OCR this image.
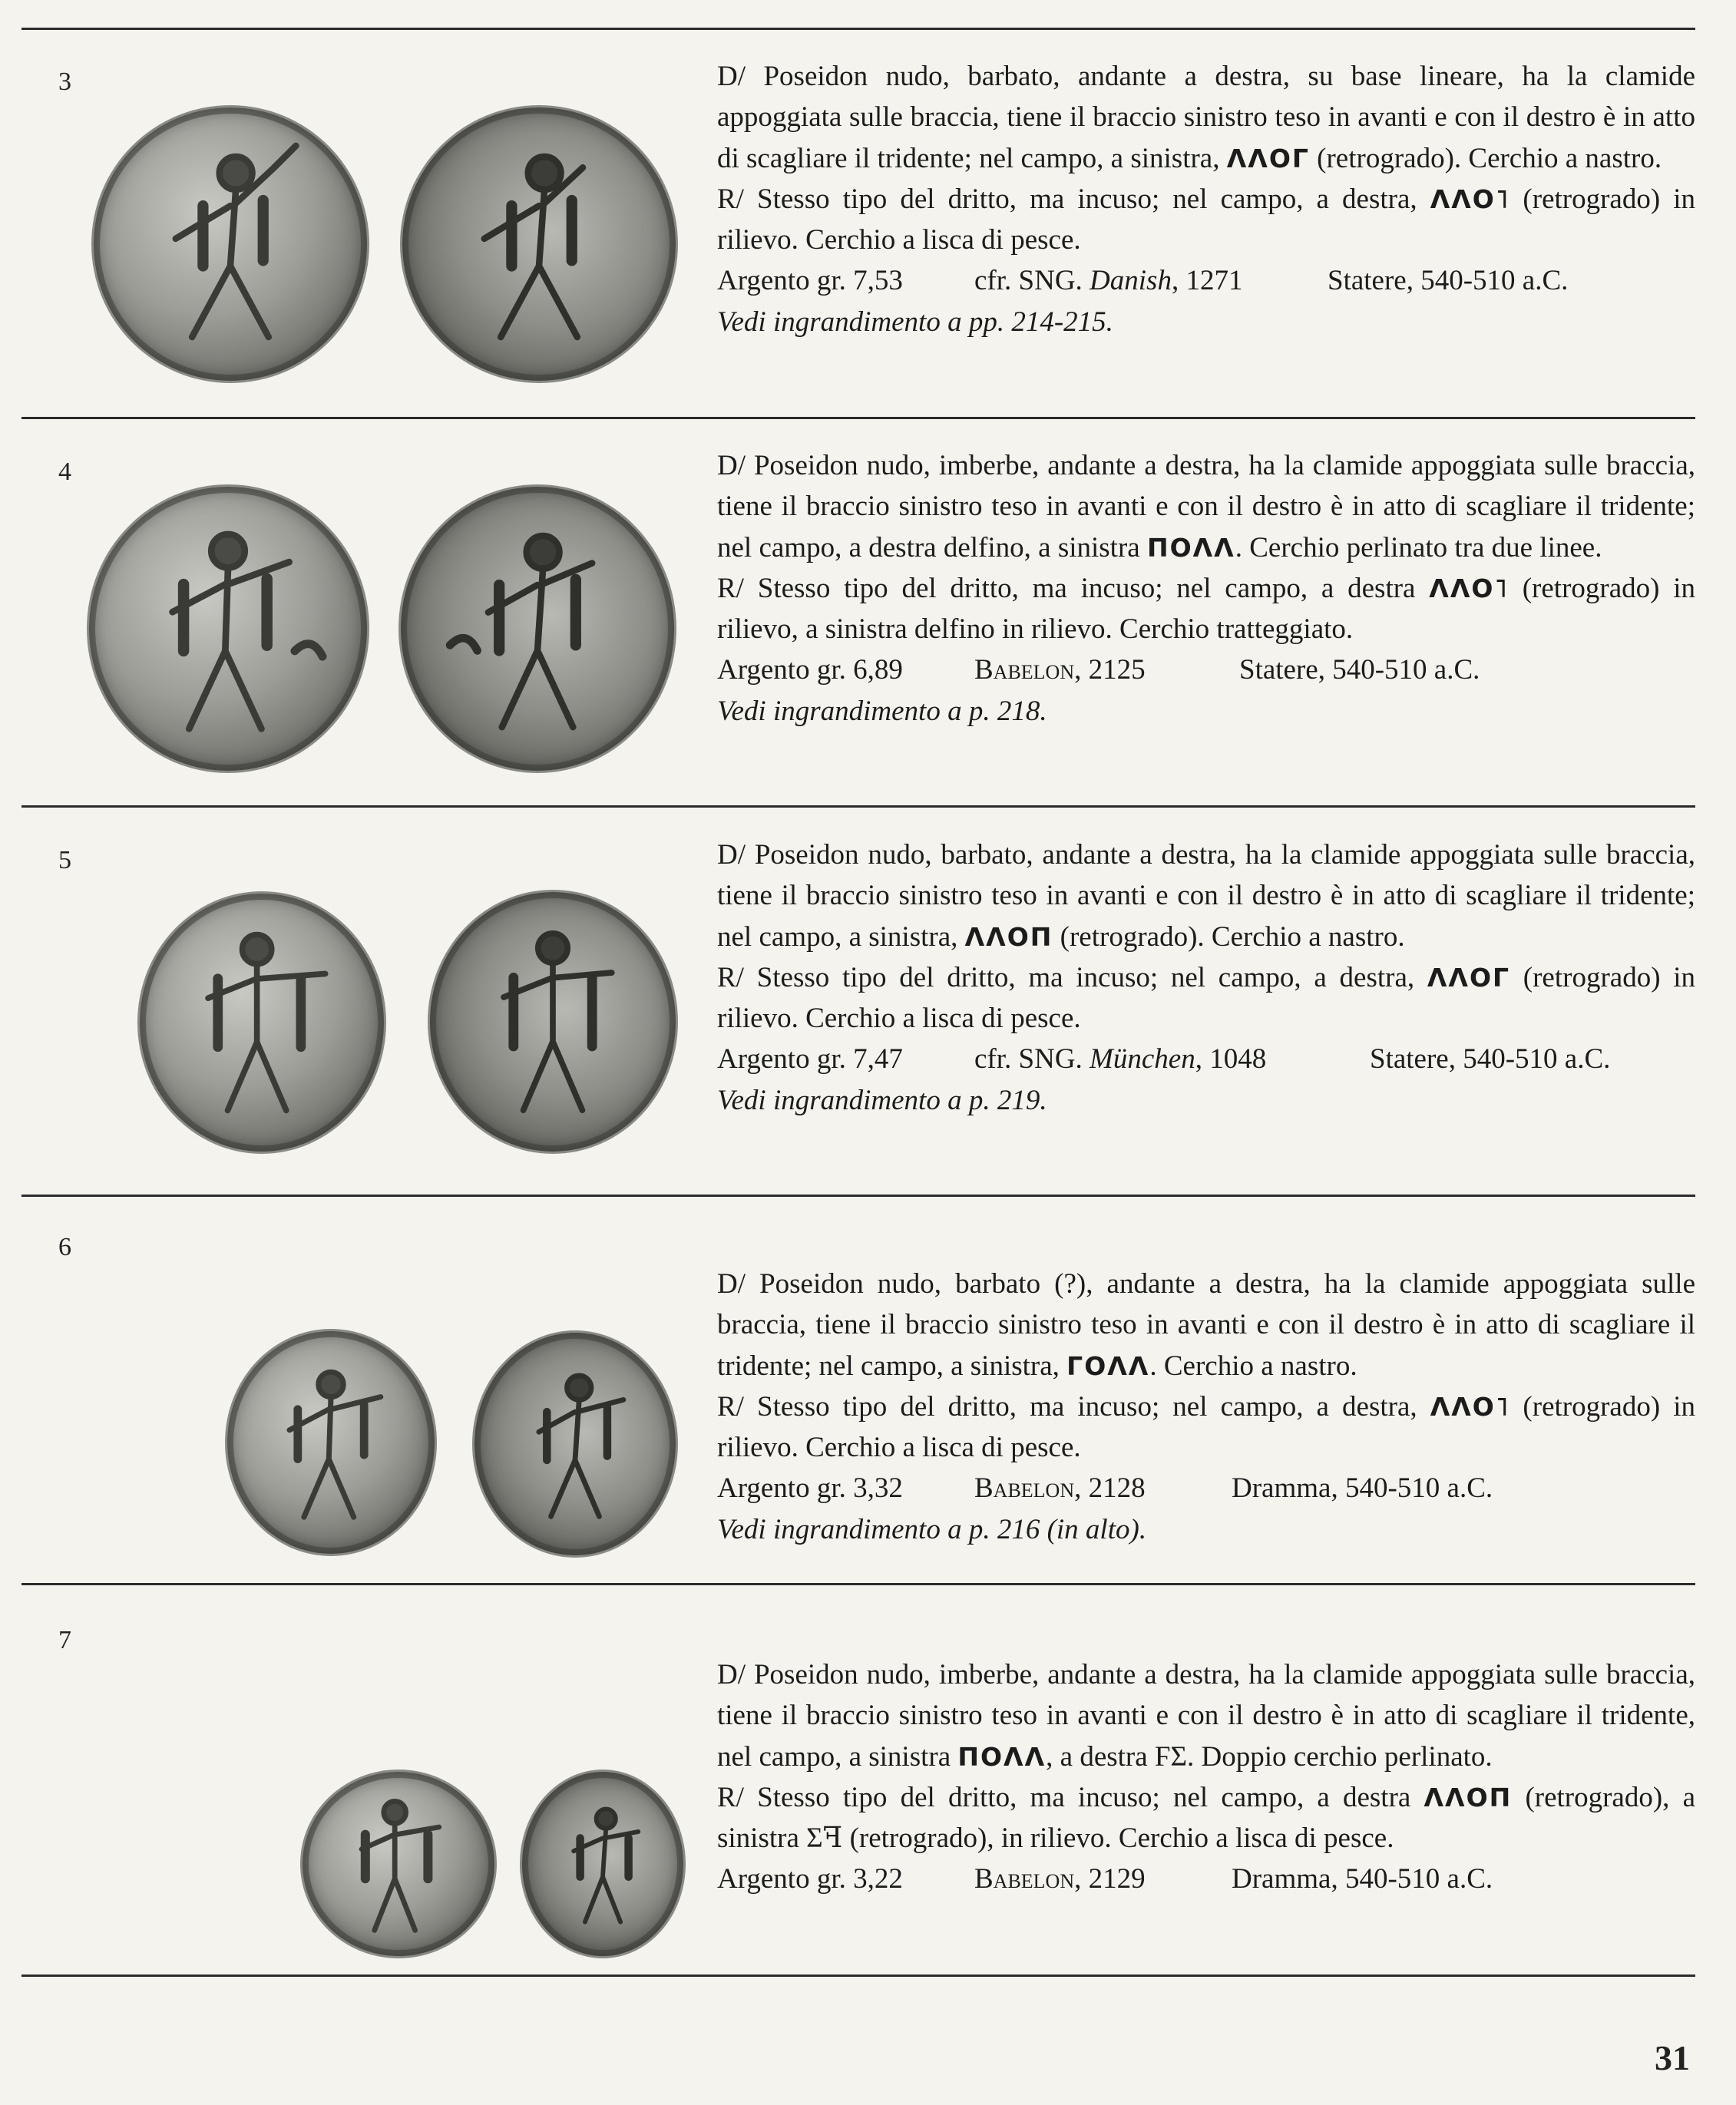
3	D/ Poseidon nudo, barbato, andante a destra, su base lineare, ha la clamide appoggiata sulle braccia, tiene il braccio sinistro teso in avanti e con il destro è in atto di scagliare il tridente; nel campo, a sinistra, ΛΛΟΓ (retrogrado). Cerchio a nastro.

R/ Stesso tipo del dritto, ma incuso; nel campo, a destra, ΛΛΟ˥ (retrogrado) in rilievo. Cerchio a lisca di pesce.

Argento gr. 7,53	cfr. SNG. Danish, 1271	Statere, 540-510 a.C.

Vedi ingrandimento a pp. 214-215.

4	D/ Poseidon nudo, imberbe, andante a destra, ha la clamide appoggiata sulle braccia, tiene il braccio sinistro teso in avanti e con il destro è in atto di scagliare il tridente; nel campo, a destra delfino, a sinistra ΠΟΛΛ. Cerchio perlinato tra due linee.

R/ Stesso tipo del dritto, ma incuso; nel campo, a destra ΛΛΟ˥ (retrogrado) in rilievo, a sinistra delfino in rilievo. Cerchio tratteggiato.

Argento gr. 6,89	Babelon, 2125	Statere, 540-510 a.C.

Vedi ingrandimento a p. 218.

5	D/ Poseidon nudo, barbato, andante a destra, ha la clamide appoggiata sulle braccia, tiene il braccio sinistro teso in avanti e con il destro è in atto di scagliare il tridente; nel campo, a sinistra, ΛΛΟΠ (retrogrado). Cerchio a nastro.

R/ Stesso tipo del dritto, ma incuso; nel campo, a destra, ΛΛΟΓ (retrogrado) in rilievo. Cerchio a lisca di pesce.

Argento gr. 7,47	cfr. SNG. München, 1048	Statere, 540-510 a.C.

Vedi ingrandimento a p. 219.

6

D/ Poseidon nudo, barbato (?), andante a destra, ha la clamide appoggiata sulle braccia, tiene il braccio sinistro teso in avanti e con il destro è in atto di scagliare il tridente; nel campo, a sinistra, ΓΟΛΛ. Cerchio a nastro.

R/ Stesso tipo del dritto, ma incuso; nel campo, a destra, ΛΛΟ˥ (retrogrado) in rilievo. Cerchio a lisca di pesce.

Argento gr. 3,32	Babelon, 2128	Dramma, 540-510 a.C.

Vedi ingrandimento a p. 216 (in alto).

7

D/ Poseidon nudo, imberbe, andante a destra, ha la clamide appoggiata sulle braccia, tiene il braccio sinistro teso in avanti e con il destro è in atto di scagliare il tridente, nel campo, a sinistra ΠΟΛΛ, a destra ϜΣ. Doppio cerchio perlinato.

R/ Stesso tipo del dritto, ma incuso; nel campo, a destra ΛΛΟΠ (retrogrado), a sinistra Σꟻ (retrogrado), in rilievo. Cerchio a lisca di pesce.

Argento gr. 3,22	Babelon, 2129	Dramma, 540-510 a.C.
31
